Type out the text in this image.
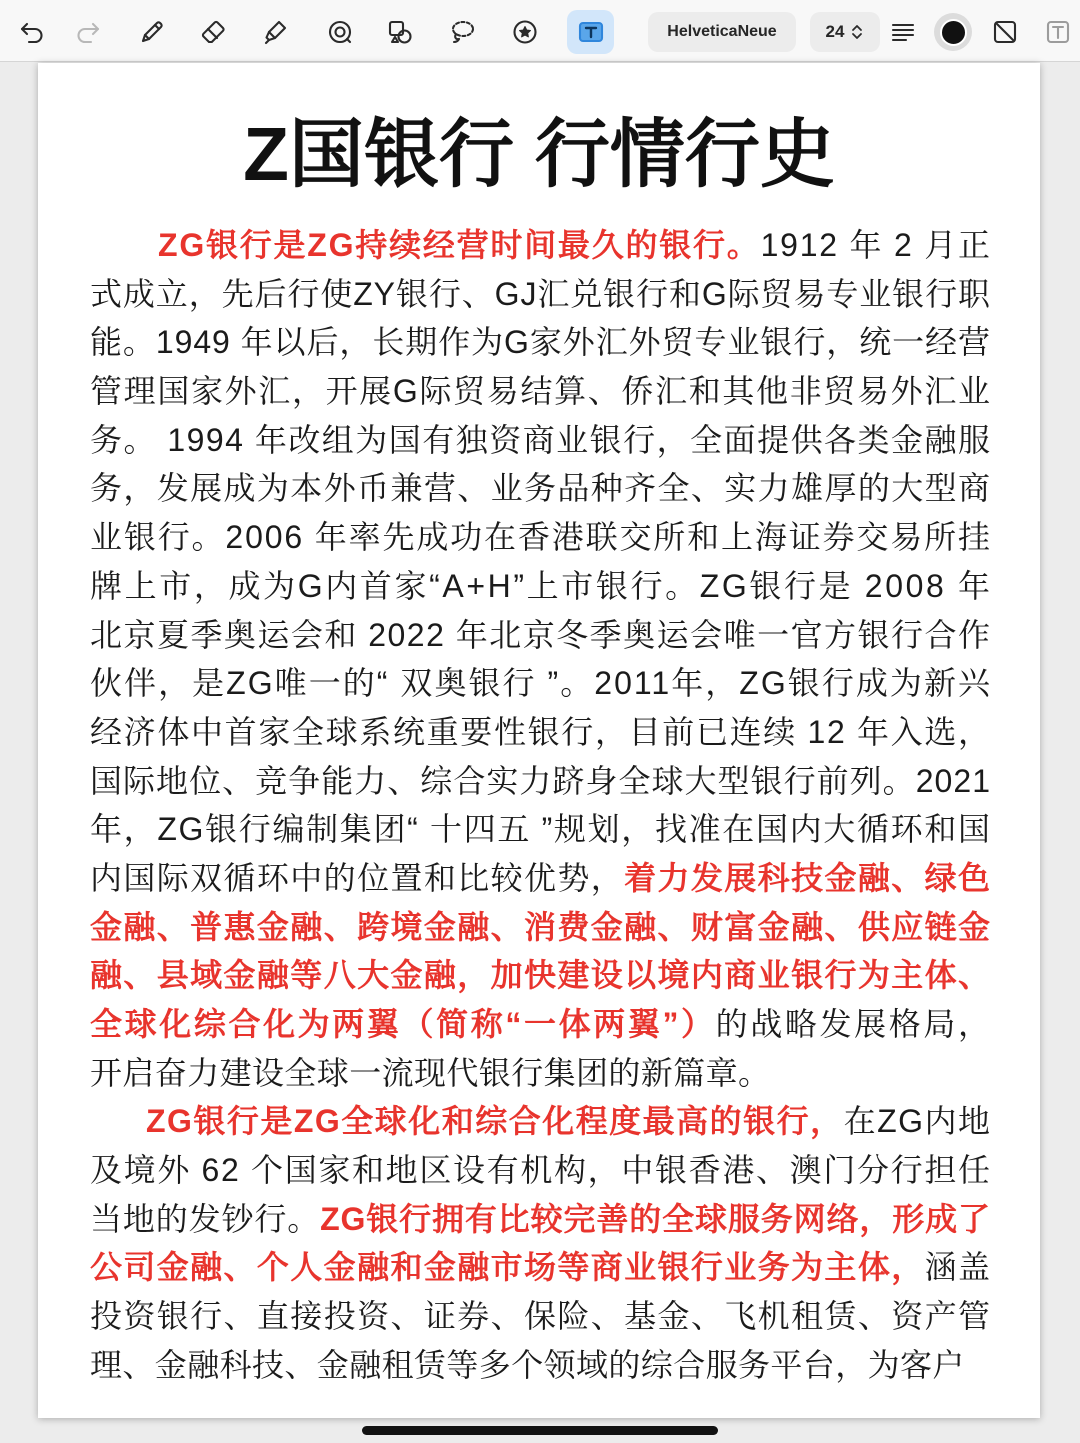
HelveticaNeue	24
Z国银行 行情行史
ZG银行是ZG持续经营时间最久的银行。1912 年 2 月正
式成立，先后行使ZY银行、GJ汇兑银行和G际贸易专业银行职
能。1949 年以后，长期作为G家外汇外贸专业银行，统一经营
管理国家外汇，开展G际贸易结算、侨汇和其他非贸易外汇业
务。 1994 年改组为国有独资商业银行，全面提供各类金融服
务，发展成为本外币兼营、业务品种齐全、实力雄厚的大型商
业银行。2006 年率先成功在香港联交所和上海证券交易所挂
牌上市，成为G内首家“A+H”上市银行。ZG银行是 2008 年
北京夏季奥运会和 2022 年北京冬季奥运会唯一官方银行合作
伙伴，是ZG唯一的“ 双奥银行 ”。2011年，ZG银行成为新兴
经济体中首家全球系统重要性银行，目前已连续 12 年入选，
国际地位、竞争能力、综合实力跻身全球大型银行前列。2021
年，ZG银行编制集团“ 十四五 ”规划，找准在国内大循环和国
内国际双循环中的位置和比较优势，着力发展科技金融、绿色
金融、普惠金融、跨境金融、消费金融、财富金融、供应链金
融、县域金融等八大金融，加快建设以境内商业银行为主体、
全球化综合化为两翼（简称“一体两翼”）的战略发展格局，
开启奋力建设全球一流现代银行集团的新篇章。
ZG银行是ZG全球化和综合化程度最高的银行，在ZG内地
及境外 62 个国家和地区设有机构，中银香港、澳门分行担任
当地的发钞行。ZG银行拥有比较完善的全球服务网络，形成了
公司金融、个人金融和金融市场等商业银行业务为主体，涵盖
投资银行、直接投资、证券、保险、基金、飞机租赁、资产管
理、金融科技、金融租赁等多个领域的综合服务平台，为客户
